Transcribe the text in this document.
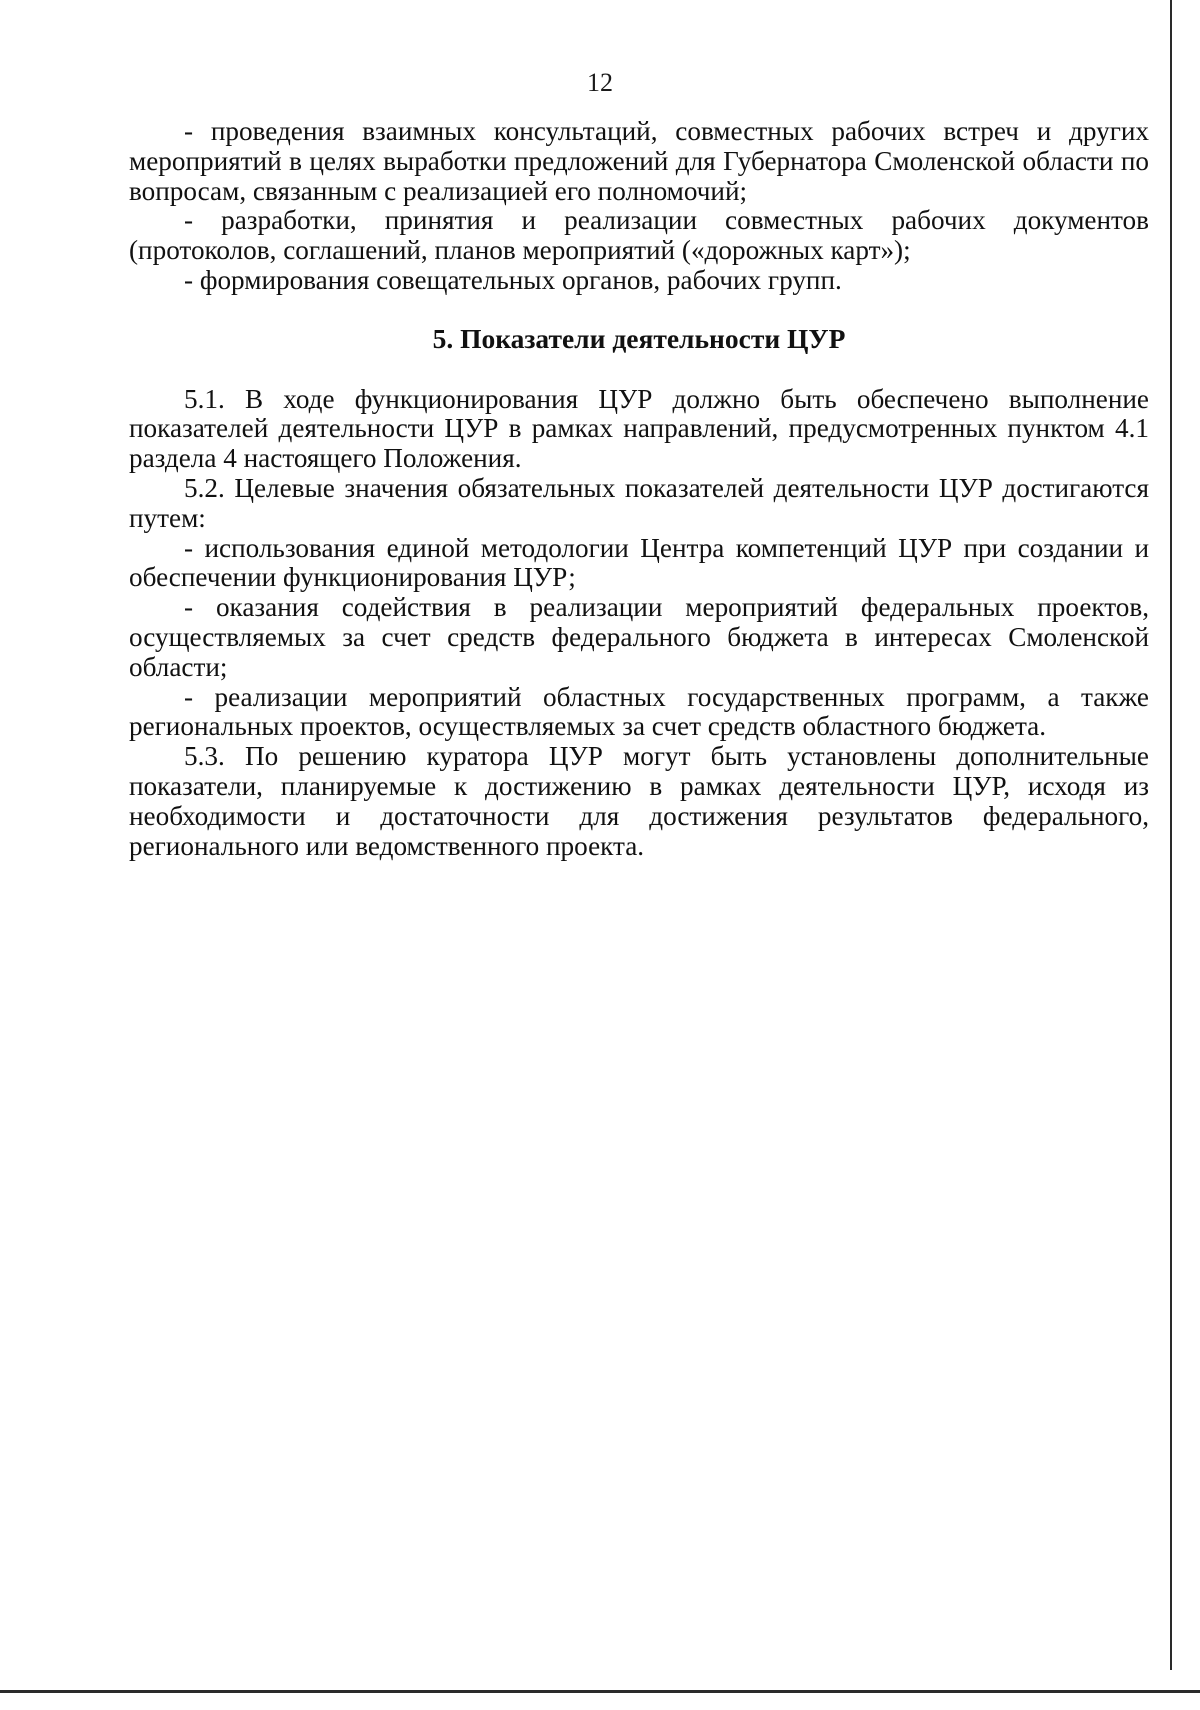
12

- проведения взаимных консультаций, совместных рабочих встреч и других мероприятий в целях выработки предложений для Губернатора Смоленской области по вопросам, связанным с реализацией его полномочий;

- разработки, принятия и реализации совместных рабочих документов (протоколов, соглашений, планов мероприятий («дорожных карт»);

- формирования совещательных органов, рабочих групп.

5. Показатели деятельности ЦУР

5.1. В ходе функционирования ЦУР должно быть обеспечено выполнение показателей деятельности ЦУР в рамках направлений, предусмотренных пунктом 4.1 раздела 4 настоящего Положения.

5.2. Целевые значения обязательных показателей деятельности ЦУР достигаются путем:

- использования единой методологии Центра компетенций ЦУР при создании и обеспечении функционирования ЦУР;

- оказания содействия в реализации мероприятий федеральных проектов, осуществляемых за счет средств федерального бюджета в интересах Смоленской области;

- реализации мероприятий областных государственных программ, а также региональных проектов, осуществляемых за счет средств областного бюджета.

5.3. По решению куратора ЦУР могут быть установлены дополнительные показатели, планируемые к достижению в рамках деятельности ЦУР, исходя из необходимости и достаточности для достижения результатов федерального, регионального или ведомственного проекта.
